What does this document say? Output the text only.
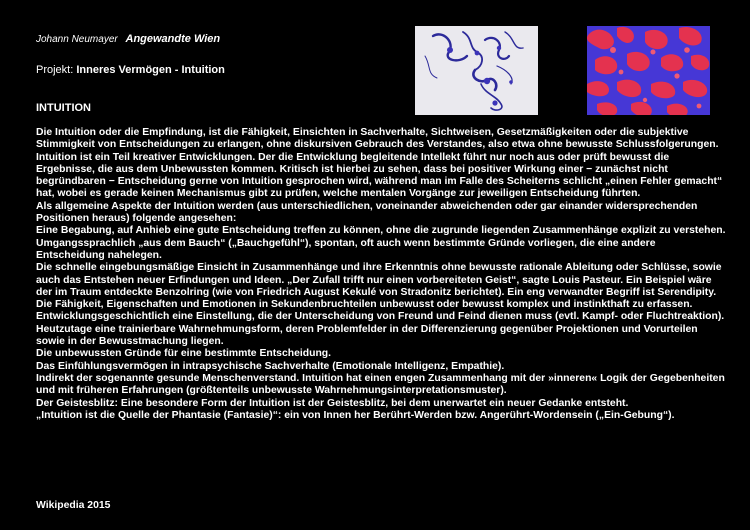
Johann Neumayer Angewandte Wien
Projekt: Inneres Vermögen - Intuition
INTUITION

Die Intuition oder die Empfindung, ist die Fähigkeit, Einsichten in Sachverhalte, Sichtweisen, Gesetzmäßigkeiten oder die subjektive Stimmigkeit von Entscheidungen zu erlangen, ohne diskursiven Gebrauch des Verstandes, also etwa ohne bewusste Schlussfolgerungen. Intuition ist ein Teil kreativer Entwicklungen. Der die Entwicklung begleitende Intellekt führt nur noch aus oder prüft bewusst die Ergebnisse, die aus dem Unbewussten kommen. Kritisch ist hierbei zu sehen, dass bei positiver Wirkung einer − zunächst nicht begründbaren − Entscheidung gerne von Intuition gesprochen wird, während man im Falle des Scheiterns schlicht „einen Fehler gemacht“ hat, wobei es gerade keinen Mechanismus gibt zu prüfen, welche mentalen Vorgänge zur jeweiligen Entscheidung führten.

Als allgemeine Aspekte der Intuition werden (aus unterschiedlichen, voneinander abweichenden oder gar einander widersprechenden Positionen heraus) folgende angesehen:

Eine Begabung, auf Anhieb eine gute Entscheidung treffen zu können, ohne die zugrunde liegenden Zusammenhänge explizit zu verstehen. Umgangssprachlich „aus dem Bauch“ („Bauchgefühl“), spontan, oft auch wenn bestimmte Gründe vorliegen, die eine andere Entscheidung nahelegen.

Die schnelle eingebungsmäßige Einsicht in Zusammenhänge und ihre Erkenntnis ohne bewusste rationale Ableitung oder Schlüsse, sowie auch das Entstehen neuer Erfindungen und Ideen. „Der Zufall trifft nur einen vorbereiteten Geist“, sagte Louis Pasteur. Ein Beispiel wäre der im Traum entdeckte Benzolring (wie von Friedrich August Kekulé von Stradonitz berichtet). Ein eng verwandter Begriff ist Serendipity.

Die Fähigkeit, Eigenschaften und Emotionen in Sekundenbruchteilen unbewusst oder bewusst komplex und instinkthaft zu erfassen. Entwicklungsgeschichtlich eine Einstellung, die der Unterscheidung von Freund und Feind dienen muss (evtl. Kampf- oder Fluchtreaktion). Heutzutage eine trainierbare Wahrnehmungsform, deren Problemfelder in der Differenzierung gegenüber Projektionen und Vorurteilen sowie in der Bewusstmachung liegen.

Die unbewussten Gründe für eine bestimmte Entscheidung.

Das Einfühlungsvermögen in intrapsychische Sachverhalte (Emotionale Intelligenz, Empathie).

Indirekt der sogenannte gesunde Menschenverstand. Intuition hat einen engen Zusammenhang mit der »inneren« Logik der Gegebenheiten und mit früheren Erfahrungen (größtenteils unbewusste Wahrnehmungsinterpretationsmuster).

Der Geistesblitz: Eine besondere Form der Intuition ist der Geistesblitz, bei dem unerwartet ein neuer Gedanke entsteht.

„Intuition ist die Quelle der Phantasie (Fantasie)“: ein von Innen her Berührt-Werden bzw. Angerührt-Wordensein („Ein-Gebung“).

Wikipedia 2015
